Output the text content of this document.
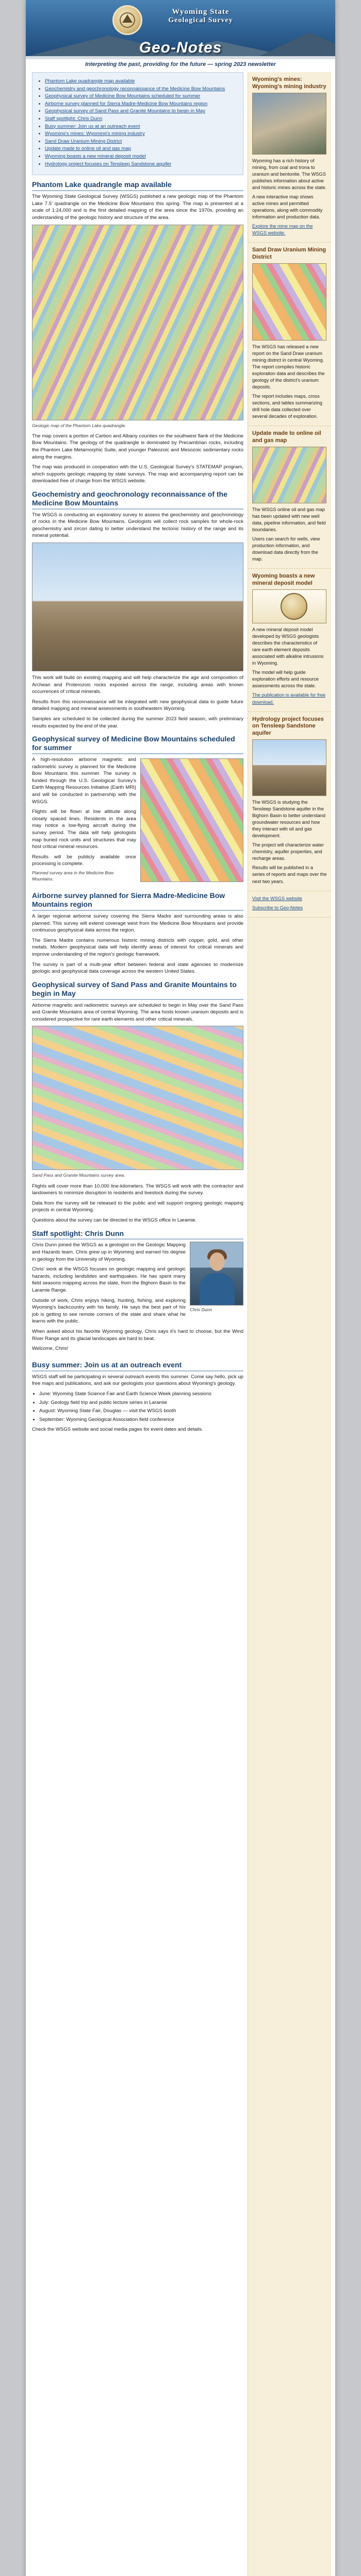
Wyoming State
Geological Survey
Geo-Notes
Interpreting the past, providing for the future — spring 2023 newsletter
• Phantom Lake quadrangle map available
• Geochemistry and geochronology reconnaissance of the Medicine Bow Mountains
• Geophysical survey of Medicine Bow Mountains scheduled for summer
• Airborne survey planned for Sierra Madre-Medicine Bow Mountains region
• Geophysical survey of Sand Pass and Granite Mountains to begin in May
• Staff spotlight: Chris Dunn
• Busy summer: Join us at an outreach event
• Wyoming's mines: Wyoming's mining industry
• Sand Draw Uranium Mining District
• Update made to online oil and gas map
• Wyoming boasts a new mineral deposit model
• Hydrology project focuses on Tensleep Sandstone aquifer
Phantom Lake quadrangle map available

The Wyoming State Geological Survey (WSGS) published a new geologic map of the Phantom Lake 7.5' quadrangle on the Medicine Bow Mountains this spring. The map is presented at a scale of 1:24,000 and is the first detailed mapping of the area since the 1970s, providing an understanding of the geologic history and structure of the area.

Geologic map of the Phantom Lake quadrangle.

The map covers a portion of Carbon and Albany counties on the southwest flank of the Medicine Bow Mountains. The geology of the quadrangle is dominated by Precambrian rocks, including the Phantom Lake Metamorphic Suite, and younger Paleozoic and Mesozoic sedimentary rocks along the margins.

The map was produced in cooperation with the U.S. Geological Survey's STATEMAP program, which supports geologic mapping by state surveys. The map and accompanying report can be downloaded free of charge from the WSGS website.

Geochemistry and geochronology reconnaissance of the Medicine Bow Mountains

The WSGS is conducting an exploratory survey to assess the geochemistry and geochronology of rocks in the Medicine Bow Mountains. Geologists will collect rock samples for whole-rock geochemistry and zircon dating to better understand the tectonic history of the range and its mineral potential.

This work will build on existing mapping and will help characterize the age and composition of Archean and Proterozoic rocks exposed across the range, including areas with known occurrences of critical minerals.

Results from this reconnaissance will be integrated with new geophysical data to guide future detailed mapping and mineral assessments in southeastern Wyoming.

Samples are scheduled to be collected during the summer 2023 field season, with preliminary results expected by the end of the year.

Geophysical survey of Medicine Bow Mountains scheduled for summer

A high-resolution airborne magnetic and radiometric survey is planned for the Medicine Bow Mountains this summer. The survey is funded through the U.S. Geological Survey's Earth Mapping Resources Initiative (Earth MRI) and will be conducted in partnership with the WSGS.

Flights will be flown at low altitude along closely spaced lines. Residents in the area may notice a low-flying aircraft during the survey period. The data will help geologists map buried rock units and structures that may host critical mineral resources.

Results will be publicly available once processing is complete.

Planned survey area in the Medicine Bow Mountains.
Airborne survey planned for Sierra Madre-Medicine Bow Mountains region

A larger regional airborne survey covering the Sierra Madre and surrounding areas is also planned. This survey will extend coverage west from the Medicine Bow Mountains and provide continuous geophysical data across the region.

The Sierra Madre contains numerous historic mining districts with copper, gold, and other metals. Modern geophysical data will help identify areas of interest for critical minerals and improve understanding of the region's geologic framework.

The survey is part of a multi-year effort between federal and state agencies to modernize geologic and geophysical data coverage across the western United States.

Geophysical survey of Sand Pass and Granite Mountains to begin in May

Airborne magnetic and radiometric surveys are scheduled to begin in May over the Sand Pass and Granite Mountains area of central Wyoming. The area hosts known uranium deposits and is considered prospective for rare earth elements and other critical minerals.

Sand Pass and Granite Mountains survey area.

Flights will cover more than 10,000 line-kilometers. The WSGS will work with the contractor and landowners to minimize disruption to residents and livestock during the survey.

Data from the survey will be released to the public and will support ongoing geologic mapping projects in central Wyoming.

Questions about the survey can be directed to the WSGS office in Laramie.

Staff spotlight: Chris Dunn
Chris Dunn

Chris Dunn joined the WSGS as a geologist on the Geologic Mapping and Hazards team. Chris grew up in Wyoming and earned his degree in geology from the University of Wyoming.

Chris' work at the WSGS focuses on geologic mapping and geologic hazards, including landslides and earthquakes. He has spent many field seasons mapping across the state, from the Bighorn Basin to the Laramie Range.

Outside of work, Chris enjoys hiking, hunting, fishing, and exploring Wyoming's backcountry with his family. He says the best part of his job is getting to see remote corners of the state and share what he learns with the public.

When asked about his favorite Wyoming geology, Chris says it's hard to choose, but the Wind River Range and its glacial landscapes are hard to beat.

Welcome, Chris!

Busy summer: Join us at an outreach event

WSGS staff will be participating in several outreach events this summer. Come say hello, pick up free maps and publications, and ask our geologists your questions about Wyoming's geology.

• June: Wyoming State Science Fair and Earth Science Week planning sessions
• July: Geology field trip and public lecture series in Laramie
• August: Wyoming State Fair, Douglas — visit the WSGS booth
• September: Wyoming Geological Association field conference

Check the WSGS website and social media pages for event dates and details.

Wyoming's mines: Wyoming's mining industry

Wyoming has a rich history of mining, from coal and trona to uranium and bentonite. The WSGS publishes information about active and historic mines across the state.

A new interactive map shows active mines and permitted operations, along with commodity information and production data.

Explore the mine map on the WSGS website.

Sand Draw Uranium Mining District

The WSGS has released a new report on the Sand Draw uranium mining district in central Wyoming. The report compiles historic exploration data and describes the geology of the district's uranium deposits.

The report includes maps, cross sections, and tables summarizing drill hole data collected over several decades of exploration.

Update made to online oil and gas map

The WSGS online oil and gas map has been updated with new well data, pipeline information, and field boundaries.

Users can search for wells, view production information, and download data directly from the map.

Wyoming boasts a new mineral deposit model

A new mineral deposit model developed by WSGS geologists describes the characteristics of rare earth element deposits associated with alkaline intrusions in Wyoming.

The model will help guide exploration efforts and resource assessments across the state.

The publication is available for free download.

Hydrology project focuses on Tensleep Sandstone aquifer

The WSGS is studying the Tensleep Sandstone aquifer in the Bighorn Basin to better understand groundwater resources and how they interact with oil and gas development.

The project will characterize water chemistry, aquifer properties, and recharge areas.

Results will be published in a series of reports and maps over the next two years.

Visit the WSGS website

Subscribe to Geo-Notes
